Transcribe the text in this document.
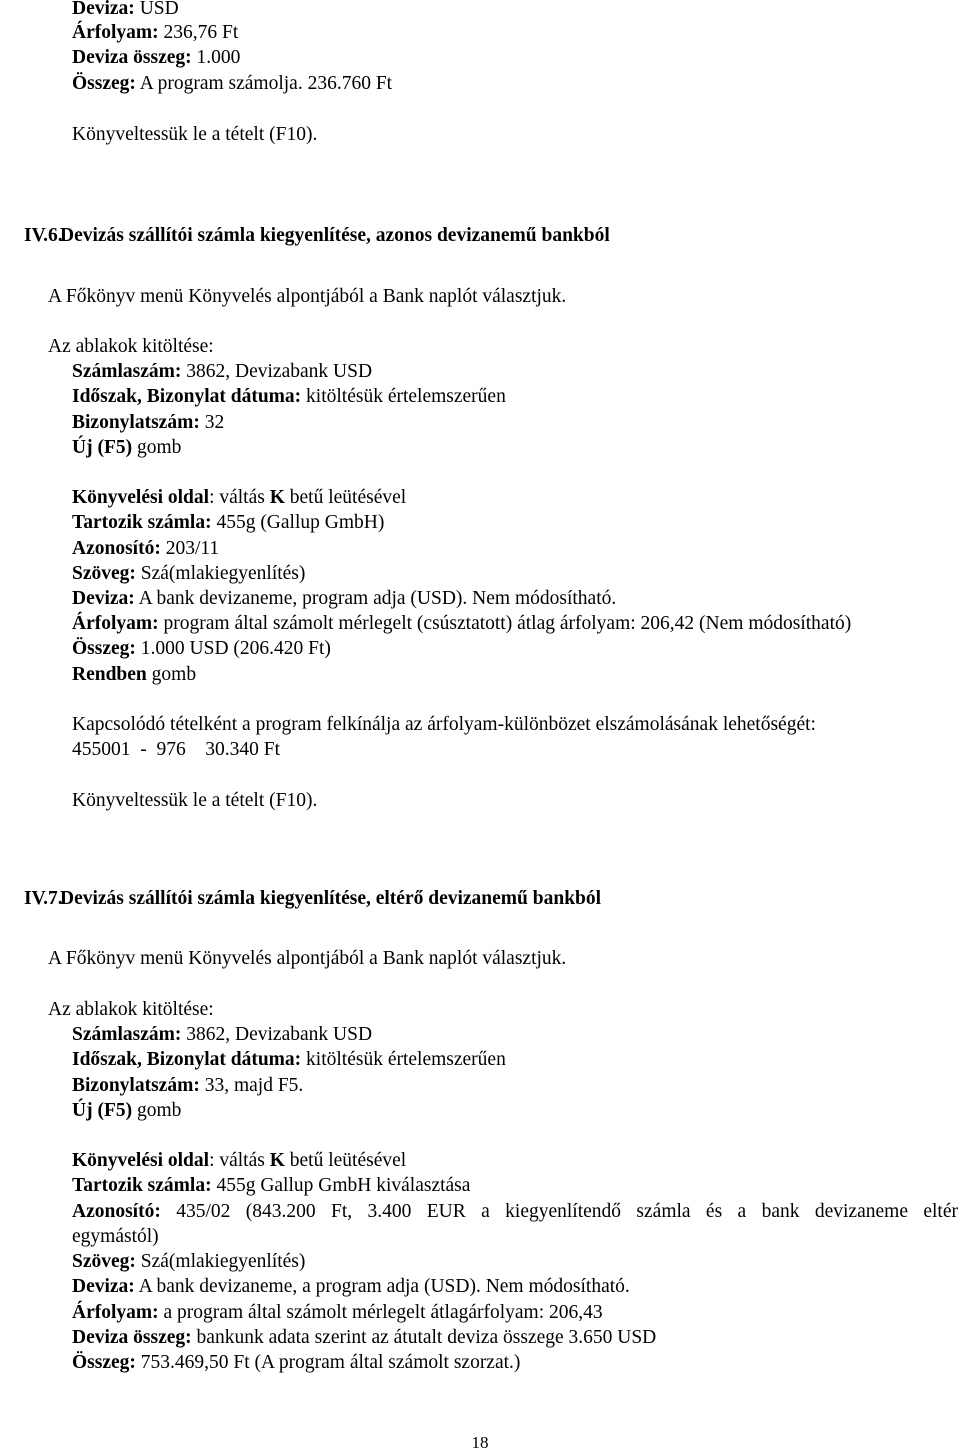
Deviza: USD

Árfolyam: 236,76 Ft

Deviza összeg: 1.000

Összeg: A program számolja. 236.760 Ft

Könyveltessük le a tételt (F10).

IV.6.
Devizás szállítói számla kiegyenlítése, azonos devizanemű bankból

A Főkönyv menü Könyvelés alpontjából a Bank naplót választjuk.

Az ablakok kitöltése:

Számlaszám: 3862, Devizabank USD

Időszak, Bizonylat dátuma: kitöltésük értelemszerűen

Bizonylatszám: 32

Új (F5) gomb

Könyvelési oldal: váltás K betű leütésével

Tartozik számla: 455g (Gallup GmbH)

Azonosító: 203/11

Szöveg: Szá(mlakiegyenlítés)

Deviza: A bank devizaneme, program adja (USD). Nem módosítható.

Árfolyam: program által számolt mérlegelt (csúsztatott) átlag árfolyam: 206,42 (Nem módosítható)

Összeg: 1.000 USD (206.420 Ft)

Rendben gomb

Kapcsolódó tételként a program felkínálja az árfolyam-különbözet elszámolásának lehetőségét:

455001  -  976    30.340 Ft

Könyveltessük le a tételt (F10).

IV.7.
Devizás szállítói számla kiegyenlítése, eltérő devizanemű bankból

A Főkönyv menü Könyvelés alpontjából a Bank naplót választjuk.

Az ablakok kitöltése:

Számlaszám: 3862, Devizabank USD

Időszak, Bizonylat dátuma: kitöltésük értelemszerűen

Bizonylatszám: 33, majd F5.

Új (F5) gomb

Könyvelési oldal: váltás K betű leütésével

Tartozik számla: 455g Gallup GmbH kiválasztása

Azonosító: 435/02 (843.200 Ft, 3.400 EUR a kiegyenlítendő számla és a bank devizaneme eltér

egymástól)

Szöveg: Szá(mlakiegyenlítés)

Deviza: A bank devizaneme, a program adja (USD). Nem módosítható.

Árfolyam: a program által számolt mérlegelt átlagárfolyam: 206,43

Deviza összeg: bankunk adata szerint az átutalt deviza összege 3.650 USD

Összeg: 753.469,50 Ft (A program által számolt szorzat.)

18
